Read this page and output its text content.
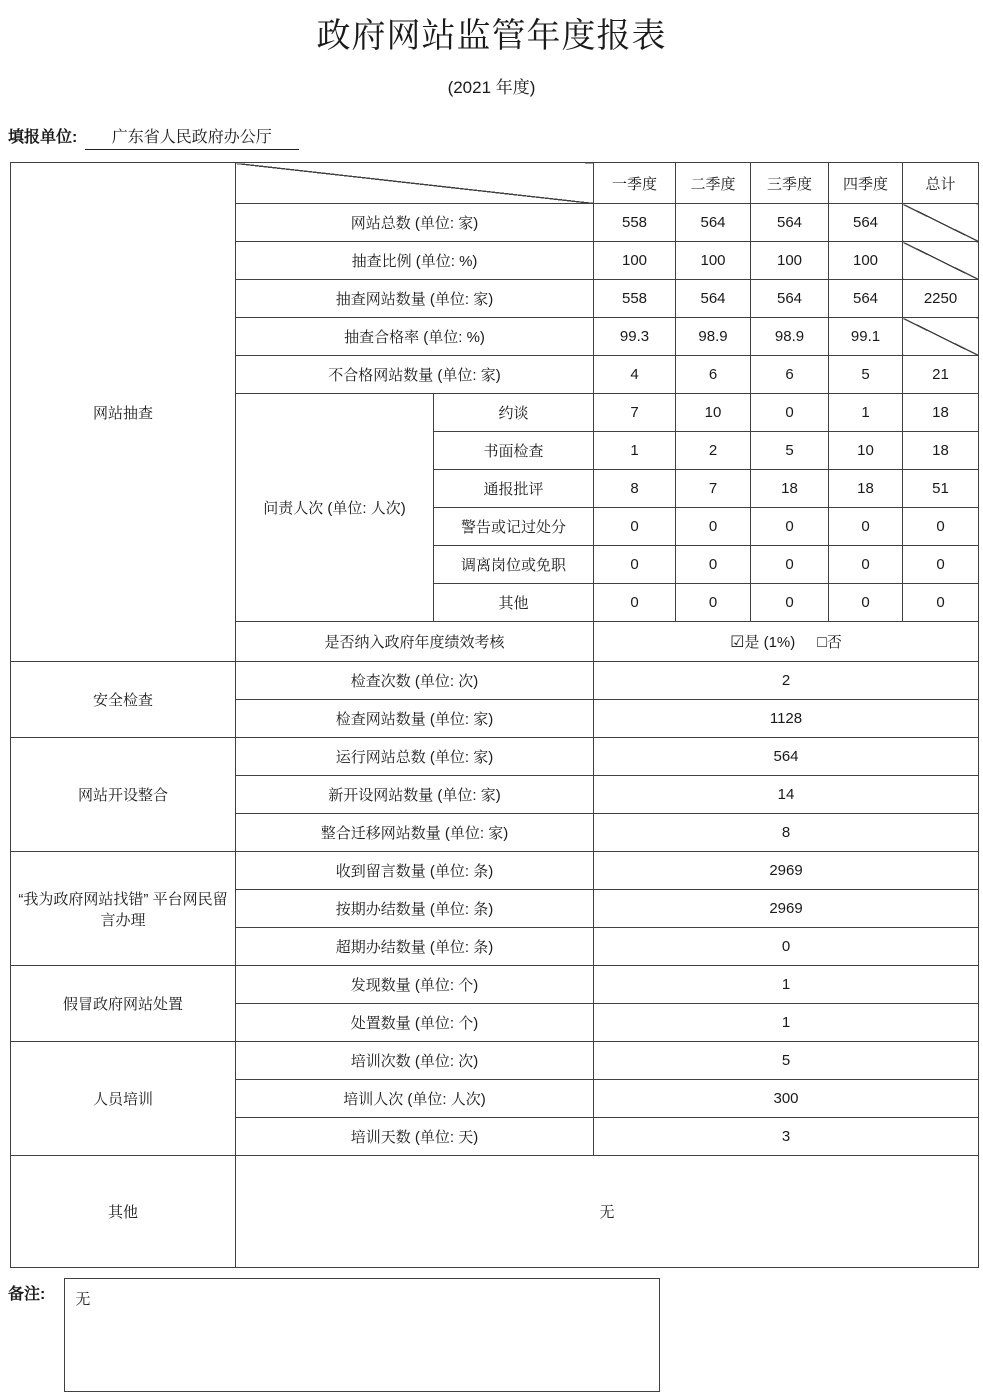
政府网站监管年度报表
(2021 年度)
填报单位: 广东省人民政府办公厅
网站抽查			一季度	二季度	三季度	四季度	总计
	网站总数 (单位: 家)		558	564	564	564	
	抽查比例 (单位: %)		100	100	100	100	
	抽查网站数量 (单位: 家)		558	564	564	564	2250
	抽查合格率 (单位: %)		99.3	98.9	98.9	99.1	
	不合格网站数量 (单位: 家)		4	6	6	5	21
	问责人次 (单位: 人次)	约谈	7	10	0	1	18
		书面检查	1	2	5	10	18
		通报批评	8	7	18	18	51
		警告或记过处分	0	0	0	0	0
		调离岗位或免职	0	0	0	0	0
		其他	0	0	0	0	0
	是否纳入政府年度绩效考核		☑是 (1%) □否				
安全检查	检查次数 (单位: 次)		2				
	检查网站数量 (单位: 家)		1128				
网站开设整合	运行网站总数 (单位: 家)		564				
	新开设网站数量 (单位: 家)		14				
	整合迁移网站数量 (单位: 家)		8				
“我为政府网站找错” 平台网民留言办理	收到留言数量 (单位: 条)		2969				
	按期办结数量 (单位: 条)		2969				
	超期办结数量 (单位: 条)		0				
假冒政府网站处置	发现数量 (单位: 个)		1				
	处置数量 (单位: 个)		1				
人员培训	培训次数 (单位: 次)		5				
	培训人次 (单位: 人次)		300				
	培训天数 (单位: 天)		3				
其他	无						
备注:	无
